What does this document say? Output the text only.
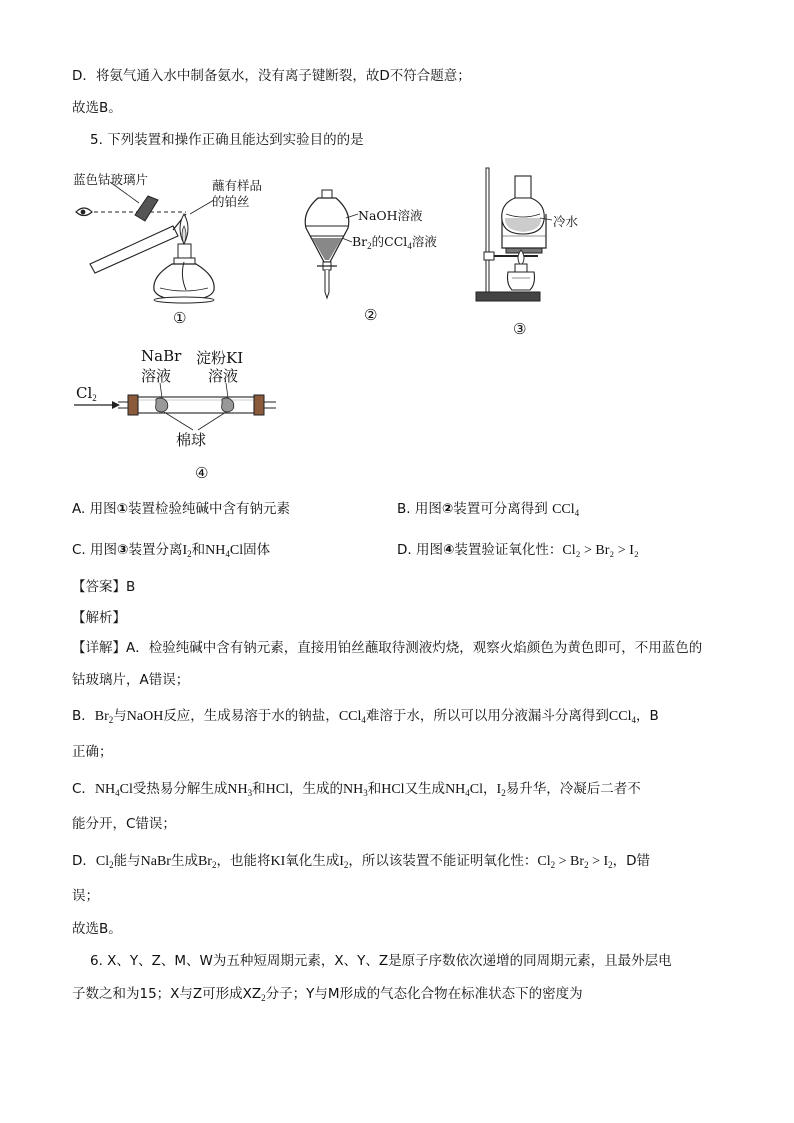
D．将氨气通入水中制备氨水，没有离子键断裂，故D不符合题意；
故选B。
5. 下列装置和操作正确且能达到实验目的的是
蓝色钴玻璃片	蘸有样品
的铂丝
①
NaOH溶液
$Br_2$的CCl$_4$溶液
②
冷水
③
NaBr
溶液
淀粉KI
溶液
$Cl_2$
棉球
④
A. 用图①装置检验纯碱中含有钠元素	B. 用图②装置可分离得到 CCl$_4$
C. 用图③装置分离$I_2$和$NH_4Cl$固体	D. 用图④装置验证氧化性：Cl₂ > Br₂ > I₂
【答案】B
【解析】
【详解】A．检验纯碱中含有钠元素，直接用铂丝蘸取待测液灼烧，观察火焰颜色为黄色即可，不用蓝色的
钴玻璃片，A错误；
B．$Br_2$与NaOH反应，生成易溶于水的钠盐，CCl$_4$难溶于水，所以可以用分液漏斗分离得到CCl$_4$，B
正确；
C．$NH_4Cl$受热易分解生成$NH_3$和HCl，生成的$NH_3$和HCl又生成$NH_4Cl$，$I_2$易升华，冷凝后二者不
能分开，C错误；
D．$Cl_2$能与NaBr生成$Br_2$，也能将KI氧化生成$I_2$，所以该装置不能证明氧化性：$Cl_2 > Br_2 > I_2$，D错
误；
故选B。
6. X、Y、Z、M、W为五种短周期元素，X、Y、Z是原子序数依次递增的同周期元素，且最外层电
子数之和为15；X与Z可形成$XZ_2$分子；Y与M形成的气态化合物在标准状态下的密度为
